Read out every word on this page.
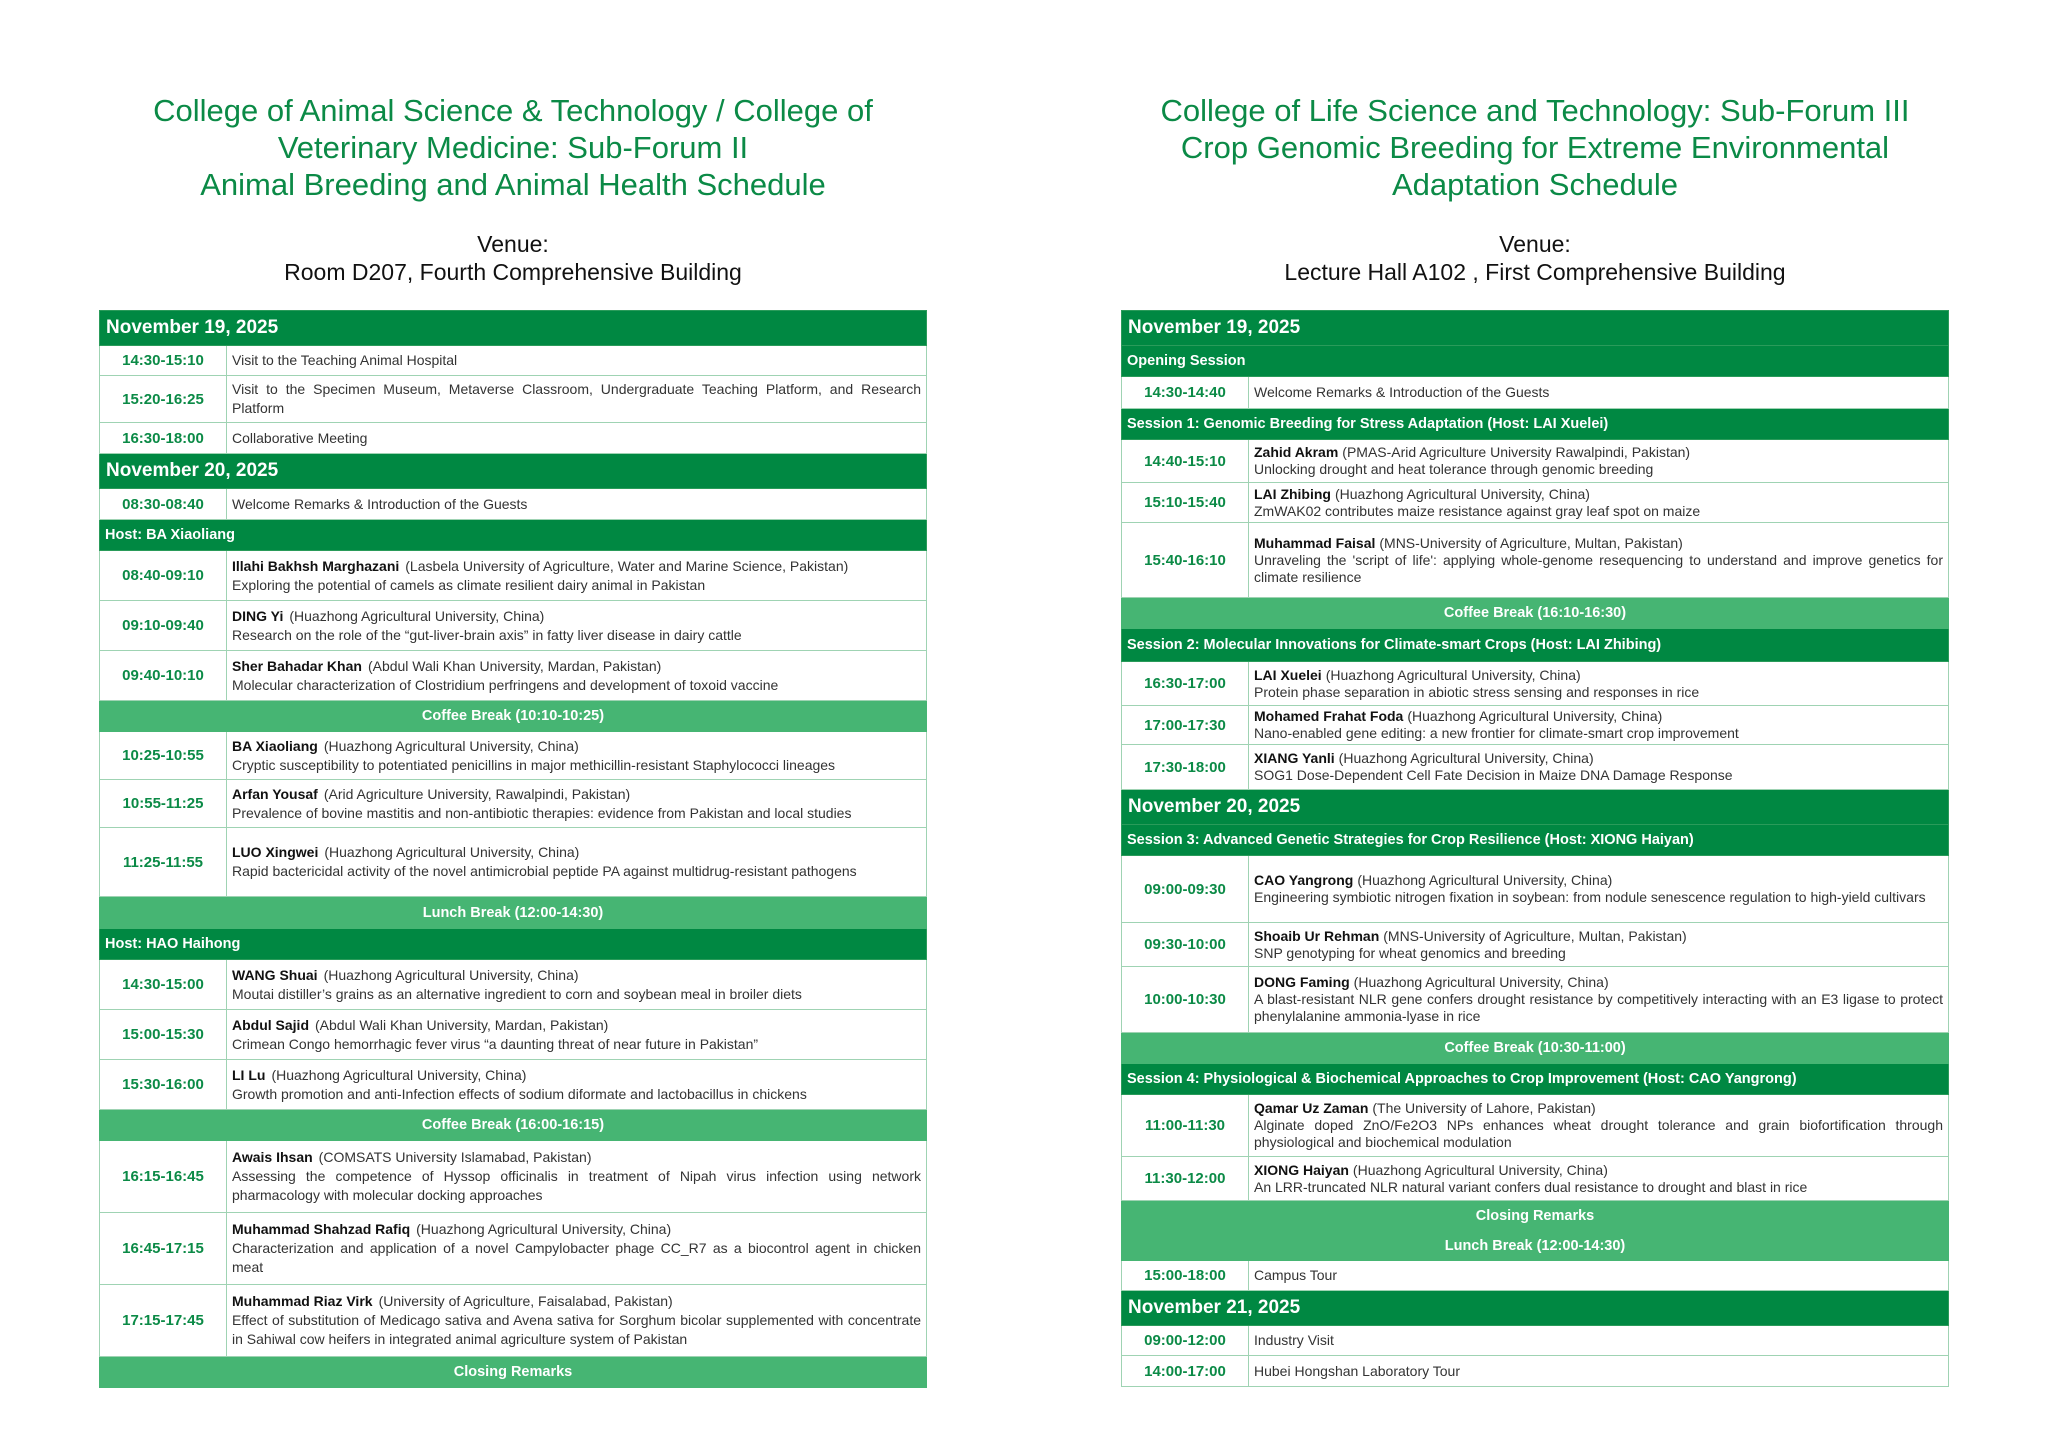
College of Animal Science & Technology / College of
Veterinary Medicine: Sub-Forum II
Animal Breeding and Animal Health Schedule
Venue:
Room D207, Fourth Comprehensive Building
November 19, 2025	
14:30-15:10	Visit to the Teaching Animal Hospital
15:20-16:25	Visit to the Specimen Museum, Metaverse Classroom, Undergraduate Teaching Platform, and Research Platform
16:30-18:00	Collaborative Meeting
November 20, 2025	
08:30-08:40	Welcome Remarks & Introduction of the Guests
Host: BA Xiaoliang	
08:40-09:10	Illahi Bakhsh Marghazani (Lasbela University of Agriculture, Water and Marine Science, Pakistan)
Exploring the potential of camels as climate resilient dairy animal in Pakistan

09:10-09:40	DING Yi (Huazhong Agricultural University, China)
Research on the role of the “gut-liver-brain axis” in fatty liver disease in dairy cattle

09:40-10:10	Sher Bahadar Khan (Abdul Wali Khan University, Mardan, Pakistan)
Molecular characterization of Clostridium perfringens and development of toxoid vaccine

Coffee Break (10:10-10:25)	
10:25-10:55	BA Xiaoliang (Huazhong Agricultural University, China)
Cryptic susceptibility to potentiated penicillins in major methicillin-resistant Staphylococci lineages

10:55-11:25	Arfan Yousaf (Arid Agriculture University, Rawalpindi, Pakistan)
Prevalence of bovine mastitis and non-antibiotic therapies: evidence from Pakistan and local studies

11:25-11:55	LUO Xingwei (Huazhong Agricultural University, China)
Rapid bactericidal activity of the novel antimicrobial peptide PA against multidrug-resistant pathogens

Lunch Break (12:00-14:30)	
Host: HAO Haihong	
14:30-15:00	WANG Shuai (Huazhong Agricultural University, China)
Moutai distiller’s grains as an alternative ingredient to corn and soybean meal in broiler diets

15:00-15:30	Abdul Sajid (Abdul Wali Khan University, Mardan, Pakistan)
Crimean Congo hemorrhagic fever virus “a daunting threat of near future in Pakistan”

15:30-16:00	LI Lu (Huazhong Agricultural University, China)
Growth promotion and anti-Infection effects of sodium diformate and lactobacillus in chickens

Coffee Break (16:00-16:15)	
16:15-16:45	Awais Ihsan (COMSATS University Islamabad, Pakistan)
Assessing the competence of Hyssop officinalis in treatment of Nipah virus infection using network pharmacology with molecular docking approaches

16:45-17:15	Muhammad Shahzad Rafiq (Huazhong Agricultural University, China)
Characterization and application of a novel Campylobacter phage CC_R7 as a biocontrol agent in chicken meat

17:15-17:45	Muhammad Riaz Virk (University of Agriculture, Faisalabad, Pakistan)
Effect of substitution of Medicago sativa and Avena sativa for Sorghum bicolar supplemented with concentrate in Sahiwal cow heifers in integrated animal agriculture system of Pakistan

Closing Remarks	
College of Life Science and Technology: Sub-Forum III
Crop Genomic Breeding for Extreme Environmental
Adaptation Schedule
Venue:
Lecture Hall A102 , First Comprehensive Building
November 19, 2025	
Opening Session	
14:30-14:40	Welcome Remarks & Introduction of the Guests
Session 1: Genomic Breeding for Stress Adaptation (Host: LAI Xuelei)	
14:40-15:10	Zahid Akram (PMAS-Arid Agriculture University Rawalpindi, Pakistan)
Unlocking drought and heat tolerance through genomic breeding

15:10-15:40	LAI Zhibing (Huazhong Agricultural University, China)
ZmWAK02 contributes maize resistance against gray leaf spot on maize

15:40-16:10	Muhammad Faisal (MNS-University of Agriculture, Multan, Pakistan)
Unraveling the 'script of life': applying whole-genome resequencing to understand and improve genetics for climate resilience

Coffee Break (16:10-16:30)	
Session 2: Molecular Innovations for Climate-smart Crops (Host: LAI Zhibing)	
16:30-17:00	LAI Xuelei (Huazhong Agricultural University, China)
Protein phase separation in abiotic stress sensing and responses in rice

17:00-17:30	Mohamed Frahat Foda (Huazhong Agricultural University, China)
Nano-enabled gene editing: a new frontier for climate-smart crop improvement

17:30-18:00	XIANG Yanli (Huazhong Agricultural University, China)
SOG1 Dose-Dependent Cell Fate Decision in Maize DNA Damage Response

November 20, 2025	
Session 3: Advanced Genetic Strategies for Crop Resilience (Host: XIONG Haiyan)	
09:00-09:30	CAO Yangrong (Huazhong Agricultural University, China)
Engineering symbiotic nitrogen fixation in soybean: from nodule senescence regulation to high-yield cultivars

09:30-10:00	Shoaib Ur Rehman (MNS-University of Agriculture, Multan, Pakistan)
SNP genotyping for wheat genomics and breeding

10:00-10:30	DONG Faming (Huazhong Agricultural University, China)
A blast-resistant NLR gene confers drought resistance by competitively interacting with an E3 ligase to protect phenylalanine ammonia-lyase in rice

Coffee Break (10:30-11:00)	
Session 4: Physiological & Biochemical Approaches to Crop Improvement (Host: CAO Yangrong)	
11:00-11:30	Qamar Uz Zaman (The University of Lahore, Pakistan)
Alginate doped ZnO/Fe2O3 NPs enhances wheat drought tolerance and grain biofortification through physiological and biochemical modulation

11:30-12:00	XIONG Haiyan (Huazhong Agricultural University, China)
An LRR-truncated NLR natural variant confers dual resistance to drought and blast in rice

Closing Remarks	
Lunch Break (12:00-14:30)	
15:00-18:00	Campus Tour
November 21, 2025	
09:00-12:00	Industry Visit
14:00-17:00	Hubei Hongshan Laboratory Tour
